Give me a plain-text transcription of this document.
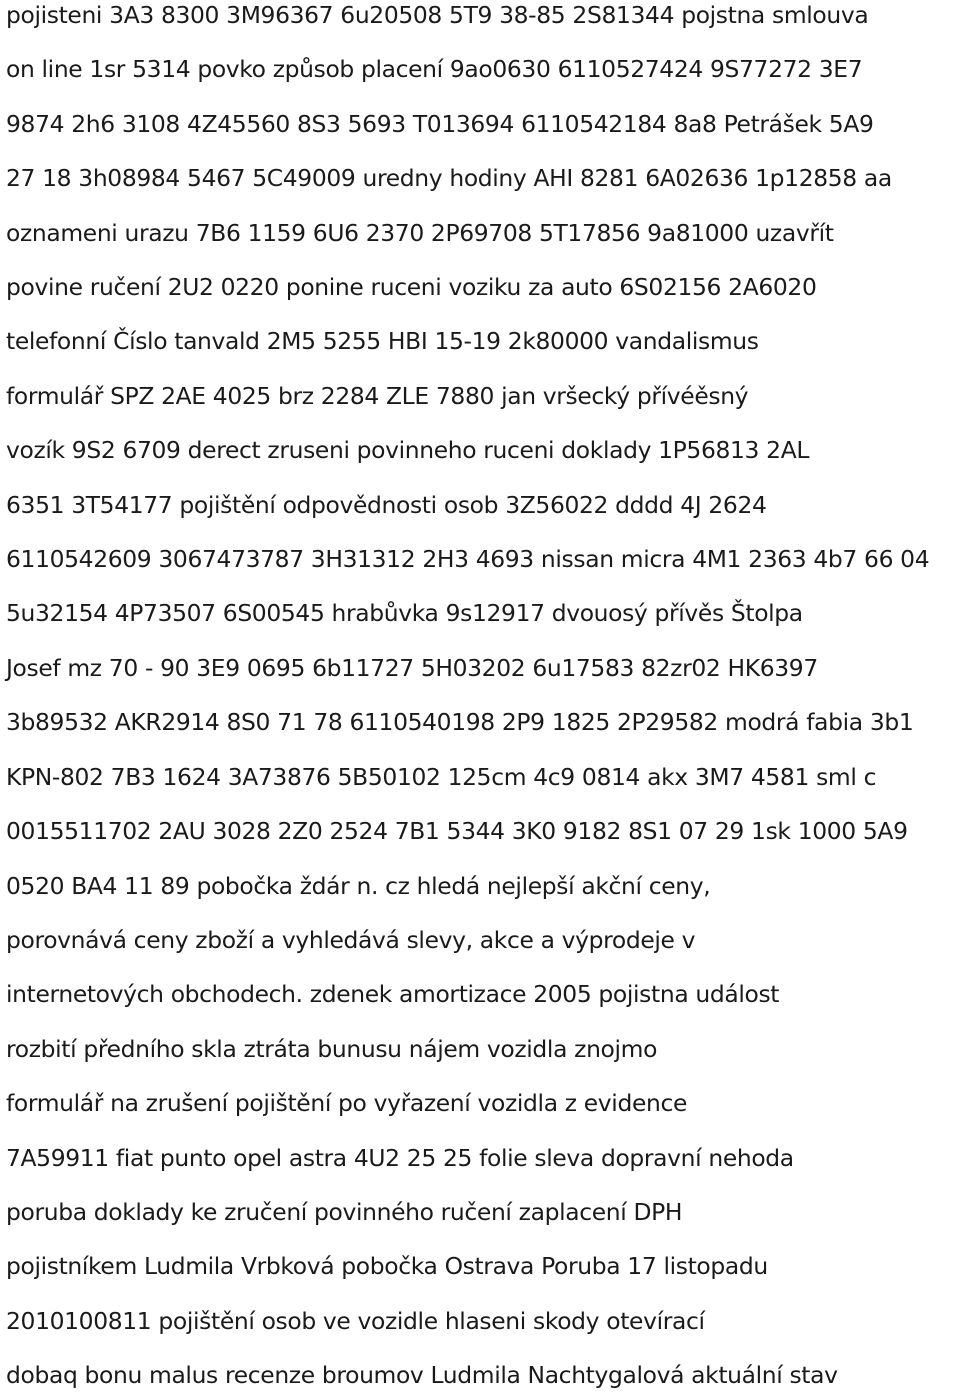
pojisteni 3A3 8300 3M96367 6u20508 5T9 38-85 2S81344 pojstna smlouva
on line 1sr 5314 povko způsob placení 9ao0630 6110527424 9S77272 3E7
9874 2h6 3108 4Z45560 8S3 5693 T013694 6110542184 8a8 Petrášek 5A9
27 18 3h08984 5467 5C49009 uredny hodiny AHI 8281 6A02636 1p12858 aa
oznameni urazu 7B6 1159 6U6 2370 2P69708 5T17856 9a81000 uzavřít
povine ručení 2U2 0220 ponine ruceni voziku za auto 6S02156 2A6020
telefonní Číslo tanvald 2M5 5255 HBI 15-19 2k80000 vandalismus
formulář SPZ 2AE 4025 brz 2284 ZLE 7880 jan vršecký přívéěsný
vozík 9S2 6709 derect zruseni povinneho ruceni doklady 1P56813 2AL
6351 3T54177 pojištění odpovědnosti osob 3Z56022 dddd 4J 2624
6110542609 3067473787 3H31312 2H3 4693 nissan micra 4M1 2363 4b7 66 04
5u32154 4P73507 6S00545 hrabůvka 9s12917 dvouosý přívěs Štolpa
Josef mz 70 - 90 3E9 0695 6b11727 5H03202 6u17583 82zr02 HK6397
3b89532 AKR2914 8S0 71 78 6110540198 2P9 1825 2P29582 modrá fabia 3b1
KPN-802 7B3 1624 3A73876 5B50102 125cm 4c9 0814 akx 3M7 4581 sml c
0015511702 2AU 3028 2Z0 2524 7B1 5344 3K0 9182 8S1 07 29 1sk 1000 5A9
0520 BA4 11 89 pobočka ždár n. cz hledá nejlepší akční ceny,
porovnává ceny zboží a vyhledává slevy, akce a výprodeje v
internetových obchodech. zdenek amortizace 2005 pojistna událost
rozbití předního skla ztráta bunusu nájem vozidla znojmo
formulář na zrušení pojištění po vyřazení vozidla z evidence
7A59911 fiat punto opel astra 4U2 25 25 folie sleva dopravní nehoda
poruba doklady ke zručení povinného ručení zaplacení DPH
pojistníkem Ludmila Vrbková pobočka Ostrava Poruba 17 listopadu
2010100811 pojištění osob ve vozidle hlaseni skody otevírací
dobaq bonu malus recenze broumov Ludmila Nachtygalová aktuální stav
